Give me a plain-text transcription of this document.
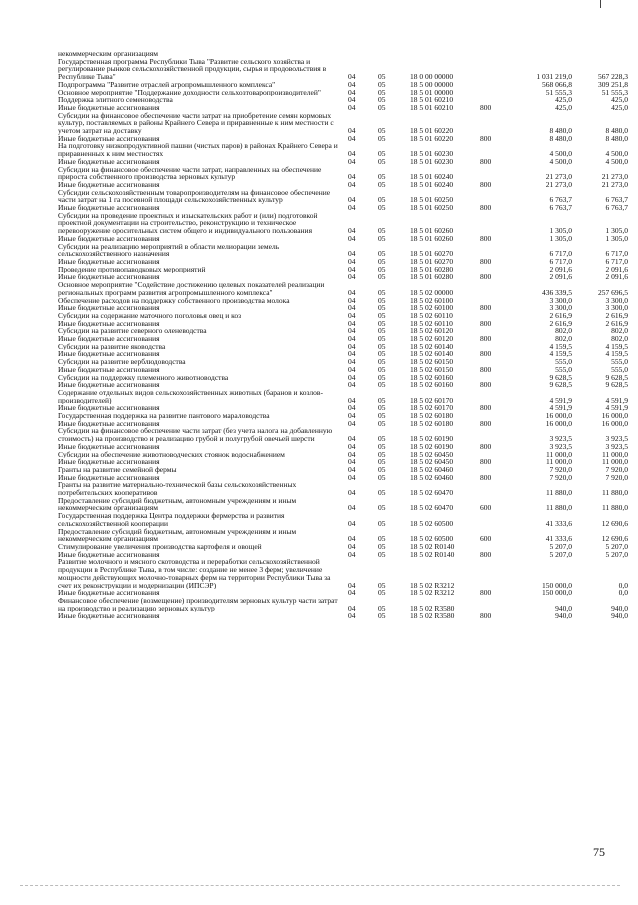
некоммерческим организациям						
Государственная программа Республики Тыва "Развитие сельского хозяйства и регулирование рынков сельскохозяйственной продукции, сырья и продовольствия в Республике Тыва"	04	05	18 0 00 00000		1 031 219,0	567 228,3
Подпрограмма "Развитие отраслей агропромышленного комплекса"	04	05	18 5 00 00000		568 066,8	309 251,8
Основное мероприятие "Поддержание доходности сельхозтоваропроизводителей"	04	05	18 5 01 00000		51 555,3	51 555,3
Поддержка элитного семеноводства	04	05	18 5 01 60210		425,0	425,0
Иные бюджетные ассигнования	04	05	18 5 01 60210	800	425,0	425,0
Субсидии на финансовое обеспечение части затрат на приобретение семян кормовых культур, поставляемых в районы Крайнего Севера и приравненные к ним местности с учетом затрат на доставку	04	05	18 5 01 60220		8 480,0	8 480,0
Иные бюджетные ассигнования	04	05	18 5 01 60220	800	8 480,0	8 480,0
На подготовку низкопродуктивной пашни (чистых паров) в районах Крайнего Севера и приравненных к ним местностях	04	05	18 5 01 60230		4 500,0	4 500,0
Иные бюджетные ассигнования	04	05	18 5 01 60230	800	4 500,0	4 500,0
Субсидии на финансовое обеспечение части затрат, направленных на обеспечение прироста собственного производства зерновых культур	04	05	18 5 01 60240		21 273,0	21 273,0
Иные бюджетные ассигнования	04	05	18 5 01 60240	800	21 273,0	21 273,0
Субсидии сельскохозяйственным товаропроизводителям на финансовое обеспечение части затрат на 1 га посевной площади сельскохозяйственных культур	04	05	18 5 01 60250		6 763,7	6 763,7
Иные бюджетные ассигнования	04	05	18 5 01 60250	800	6 763,7	6 763,7
Субсидии на проведение проектных и изыскательских работ и (или) подготовкой проектной документации на строительство, реконструкцию и техническое перевооружение оросительных систем общего и индивидуального пользования	04	05	18 5 01 60260		1 305,0	1 305,0
Иные бюджетные ассигнования	04	05	18 5 01 60260	800	1 305,0	1 305,0
Субсидии на реализацию мероприятий в области мелиорации земель сельскохозяйственного назначения	04	05	18 5 01 60270		6 717,0	6 717,0
Иные бюджетные ассигнования	04	05	18 5 01 60270	800	6 717,0	6 717,0
Проведение противопаводковых мероприятий	04	05	18 5 01 60280		2 091,6	2 091,6
Иные бюджетные ассигнования	04	05	18 5 01 60280	800	2 091,6	2 091,6
Основное мероприятие "Содействие достижению целевых показателей реализации региональных программ развития агропромышленного комплекса"	04	05	18 5 02 00000		436 339,5	257 696,5
Обеспечение расходов на поддержку собственного производства молока	04	05	18 5 02 60100		3 300,0	3 300,0
Иные бюджетные ассигнования	04	05	18 5 02 60100	800	3 300,0	3 300,0
Субсидии на содержание маточного поголовья овец и коз	04	05	18 5 02 60110		2 616,9	2 616,9
Иные бюджетные ассигнования	04	05	18 5 02 60110	800	2 616,9	2 616,9
Субсидии на развитие северного оленеводства	04	05	18 5 02 60120		802,0	802,0
Иные бюджетные ассигнования	04	05	18 5 02 60120	800	802,0	802,0
Субсидии на развитие яководства	04	05	18 5 02 60140		4 159,5	4 159,5
Иные бюджетные ассигнования	04	05	18 5 02 60140	800	4 159,5	4 159,5
Субсидии на развитие верблюдоводства	04	05	18 5 02 60150		555,0	555,0
Иные бюджетные ассигнования	04	05	18 5 02 60150	800	555,0	555,0
Субсидии на поддержку племенного животноводства	04	05	18 5 02 60160		9 628,5	9 628,5
Иные бюджетные ассигнования	04	05	18 5 02 60160	800	9 628,5	9 628,5
Содержание отдельных видов сельскохозяйственных животных (баранов и козлов-производителей)	04	05	18 5 02 60170		4 591,9	4 591,9
Иные бюджетные ассигнования	04	05	18 5 02 60170	800	4 591,9	4 591,9
Государственная поддержка на развитие пантового мараловодства	04	05	18 5 02 60180		16 000,0	16 000,0
Иные бюджетные ассигнования	04	05	18 5 02 60180	800	16 000,0	16 000,0
Субсидии на финансовое обеспечение части затрат (без учета налога на добавленную стоимость) на производство и реализацию грубой и полугрубой овечьей шерсти	04	05	18 5 02 60190		3 923,5	3 923,5
Иные бюджетные ассигнования	04	05	18 5 02 60190	800	3 923,5	3 923,5
Субсидии на обеспечение животноводческих стоянок водоснабжением	04	05	18 5 02 60450		11 000,0	11 000,0
Иные бюджетные ассигнования	04	05	18 5 02 60450	800	11 000,0	11 000,0
Гранты на развитие семейной фермы	04	05	18 5 02 60460		7 920,0	7 920,0
Иные бюджетные ассигнования	04	05	18 5 02 60460	800	7 920,0	7 920,0
Гранты на развитие материально-технической базы сельскохозяйственных потребительских кооперативов	04	05	18 5 02 60470		11 880,0	11 880,0
Предоставление субсидий бюджетным, автономным учреждениям и иным некоммерческим организациям	04	05	18 5 02 60470	600	11 880,0	11 880,0
Государственная поддержка Центра поддержки фермерства и развития сельскохозяйственной кооперации	04	05	18 5 02 60500		41 333,6	12 690,6
Предоставление субсидий бюджетным, автономным учреждениям и иным некоммерческим организациям	04	05	18 5 02 60500	600	41 333,6	12 690,6
Стимулирование увеличения производства картофеля и овощей	04	05	18 5 02 R0140		5 207,0	5 207,0
Иные бюджетные ассигнования	04	05	18 5 02 R0140	800	5 207,0	5 207,0
Развитие молочного и мясного скотоводства и переработки сельскохозяйственной продукции в Республике Тыва, в том числе: создание не менее 3 ферм; увеличение мощности действующих молочно-товарных ферм на территории Республики Тыва за счет их реконструкции и модернизации (ИПСЭР)	04	05	18 5 02 R3212		150 000,0	0,0
Иные бюджетные ассигнования	04	05	18 5 02 R3212	800	150 000,0	0,0
Финансовое обеспечение (возмещение) производителям зерновых культур части затрат на производство и реализацию зерновых культур	04	05	18 5 02 R3580		940,0	940,0
Иные бюджетные ассигнования	04	05	18 5 02 R3580	800	940,0	940,0
75
